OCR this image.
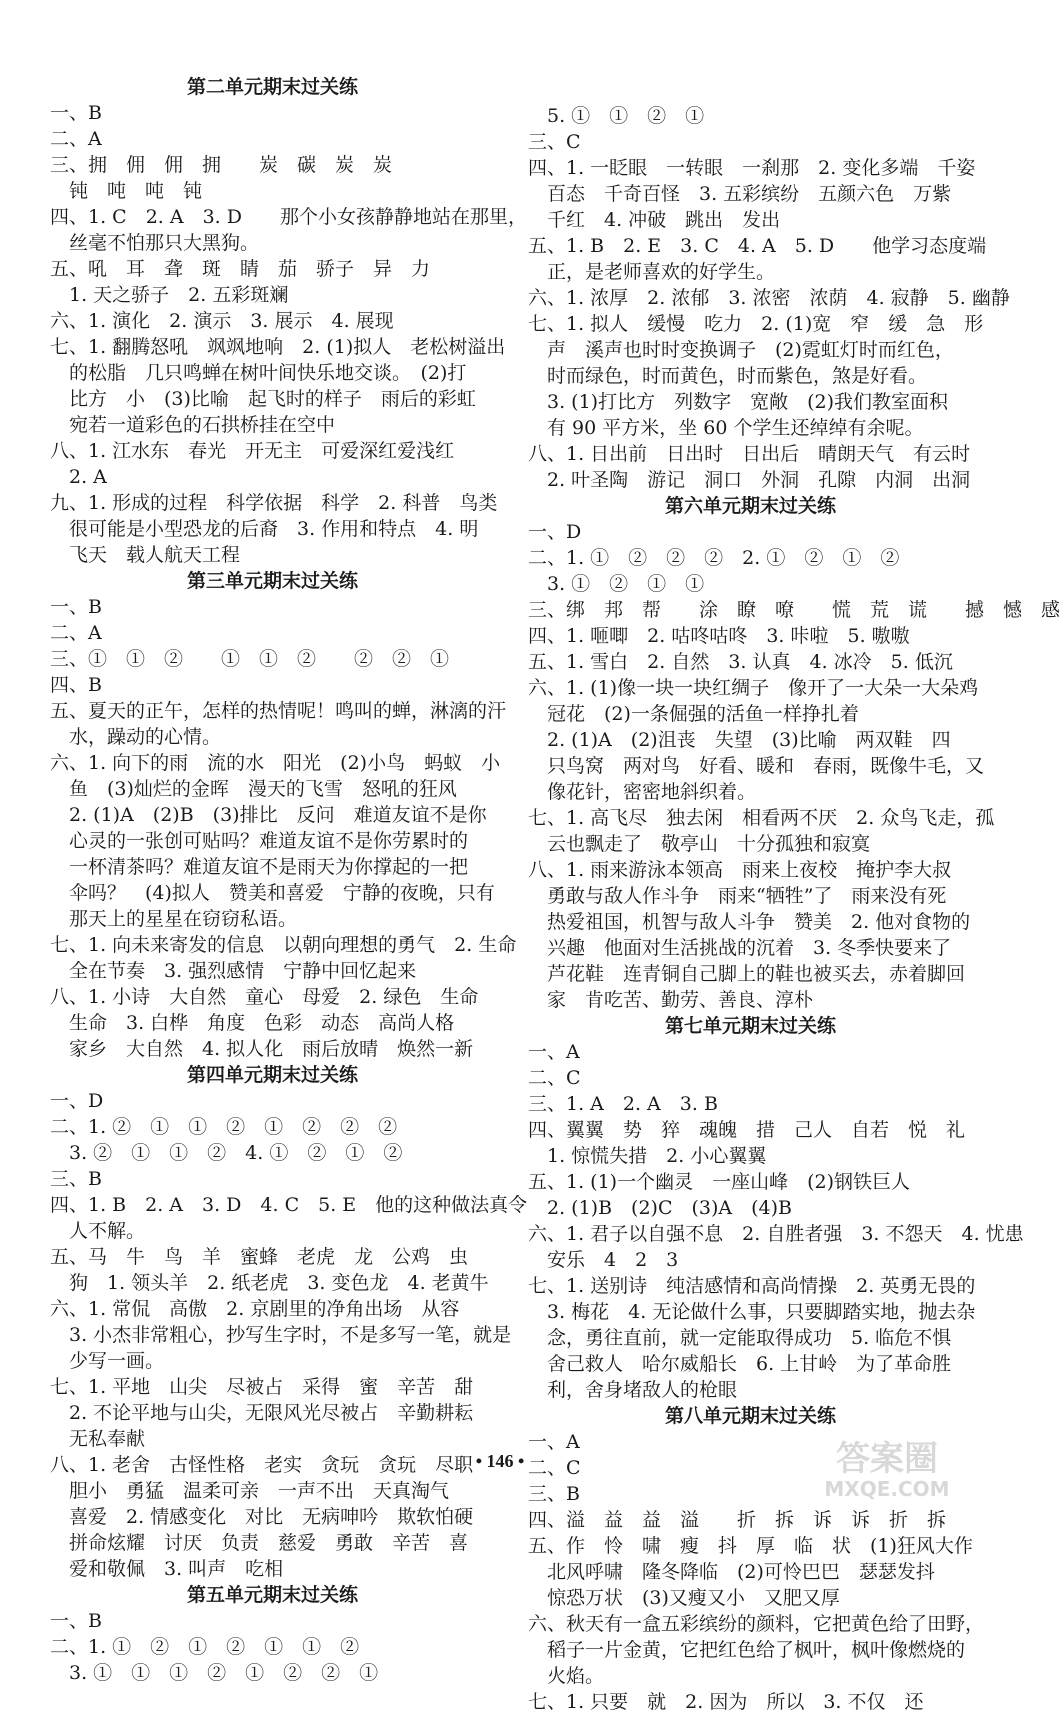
第二单元期末过关练
一、B
二、A
三、拥　佣　佣　拥　　炭　碳　炭　炭
　钝　吨　吨　钝
四、1. C　2. A　3. D　　那个小女孩静静地站在那里，
　丝毫不怕那只大黑狗。
五、吼　耳　聋　斑　睛　茄　骄子　异　力
　1. 天之骄子　2. 五彩斑斓
六、1. 演化　2. 演示　3. 展示　4. 展现
七、1. 翻腾怒吼　飒飒地响　2. (1)拟人　老松树溢出
　的松脂　几只鸣蝉在树叶间快乐地交谈。　(2)打
　比方　小　(3)比喻　起飞时的样子　雨后的彩虹
　宛若一道彩色的石拱桥挂在空中
八、1. 江水东　春光　开无主　可爱深红爱浅红
　2. A
九、1. 形成的过程　科学依据　科学　2. 科普　鸟类
　很可能是小型恐龙的后裔　3. 作用和特点　4. 明
　飞天　载人航天工程
第三单元期末过关练
一、B
二、A
三、①　①　②　　①　①　②　　②　②　①
四、B
五、夏天的正午，怎样的热情呢！鸣叫的蝉，淋漓的汗
　水，躁动的心情。
六、1. 向下的雨　流的水　阳光　(2)小鸟　蚂蚁　小
　鱼　(3)灿烂的金晖　漫天的飞雪　怒吼的狂风
　2. (1)A　(2)B　(3)排比　反问　难道友谊不是你
　心灵的一张创可贴吗？难道友谊不是你劳累时的
　一杯清茶吗？难道友谊不是雨天为你撑起的一把
　伞吗？　(4)拟人　赞美和喜爱　宁静的夜晚，只有
　那天上的星星在窃窃私语。
七、1. 向未来寄发的信息　以朝向理想的勇气　2. 生命
　全在节奏　3. 强烈感情　宁静中回忆起来
八、1. 小诗　大自然　童心　母爱　2. 绿色　生命
　生命　3. 白桦　角度　色彩　动态　高尚人格
　家乡　大自然　4. 拟人化　雨后放晴　焕然一新
第四单元期末过关练
一、D
二、1. ②　①　①　②　①　②　②　②
　3. ②　①　①　②　4. ①　②　①　②
三、B
四、1. B　2. A　3. D　4. C　5. E　他的这种做法真令
　人不解。
五、马　牛　鸟　羊　蜜蜂　老虎　龙　公鸡　虫
　狗　1. 领头羊　2. 纸老虎　3. 变色龙　4. 老黄牛
六、1. 常侃　高傲　2. 京剧里的净角出场　从容
　3. 小杰非常粗心，抄写生字时，不是多写一笔，就是
　少写一画。
七、1. 平地　山尖　尽被占　采得　蜜　辛苦　甜
　2. 不论平地与山尖，无限风光尽被占　辛勤耕耘
　无私奉献
八、1. 老舍　古怪性格　老实　贪玩　贪玩　尽职
　胆小　勇猛　温柔可亲　一声不出　天真淘气
　喜爱　2. 情感变化　对比　无病呻吟　欺软怕硬
　拼命炫耀　讨厌　负责　慈爱　勇敢　辛苦　喜
　爱和敬佩　3. 叫声　吃相
第五单元期末过关练
一、B
二、1. ①　②　①　②　①　①　②
　3. ①　①　①　②　①　②　②　①
　5. ①　①　②　①
三、C
四、1. 一眨眼　一转眼　一刹那　2. 变化多端　千姿
　百态　千奇百怪　3. 五彩缤纷　五颜六色　万紫
　千红　4. 冲破　跳出　发出
五、1. B　2. E　3. C　4. A　5. D　　他学习态度端
　正，是老师喜欢的好学生。
六、1. 浓厚　2. 浓郁　3. 浓密　浓荫　4. 寂静　5. 幽静
七、1. 拟人　缓慢　吃力　2. (1)宽　窄　缓　急　形
　声　溪声也时时变换调子　(2)霓虹灯时而红色，
　时而绿色，时而黄色，时而紫色，煞是好看。
　3. (1)打比方　列数字　宽敞　(2)我们教室面积
　有 90 平方米，坐 60 个学生还绰绰有余呢。
八、1. 日出前　日出时　日出后　晴朗天气　有云时
　2. 叶圣陶　游记　洞口　外洞　孔隙　内洞　出洞
第六单元期末过关练
一、D
二、1. ①　②　②　②　2. ①　②　①　②
　3. ①　②　①　①
三、绑　邦　帮　　涂　瞭　嘹　　慌　荒　谎　　撼　憾　感
四、1. 咂唧　2. 咕咚咕咚　3. 咔啦　5. 嗷嗷
五、1. 雪白　2. 自然　3. 认真　4. 冰冷　5. 低沉
六、1. (1)像一块一块红绸子　像开了一大朵一大朵鸡
　冠花　(2)一条倔强的活鱼一样挣扎着
　2. (1)A　(2)沮丧　失望　(3)比喻　两双鞋　四
　只鸟窝　两对鸟　好看、暖和　春雨，既像牛毛，又
　像花针，密密地斜织着。
七、1. 高飞尽　独去闲　相看两不厌　2. 众鸟飞走，孤
　云也飘走了　敬亭山　十分孤独和寂寞
八、1. 雨来游泳本领高　雨来上夜校　掩护李大叔
　勇敢与敌人作斗争　雨来“牺牲”了　雨来没有死
　热爱祖国，机智与敌人斗争　赞美　2. 他对食物的
　兴趣　他面对生活挑战的沉着　3. 冬季快要来了
　芦花鞋　连青铜自己脚上的鞋也被买去，赤着脚回
　家　肯吃苦、勤劳、善良、淳朴
第七单元期末过关练
一、A
二、C
三、1. A　2. A　3. B
四、翼翼　势　猝　魂魄　措　己人　自若　悦　礼
　1. 惊慌失措　2. 小心翼翼
五、1. (1)一个幽灵　一座山峰　(2)钢铁巨人
　2. (1)B　(2)C　(3)A　(4)B
六、1. 君子以自强不息　2. 自胜者强　3. 不怨天　4. 忧患
　安乐　4　2　3
七、1. 送别诗　纯洁感情和高尚情操　2. 英勇无畏的
　3. 梅花　4. 无论做什么事，只要脚踏实地，抛去杂
　念，勇往直前，就一定能取得成功　5. 临危不惧
　舍己救人　哈尔威船长　6. 上甘岭　为了革命胜
　利，舍身堵敌人的枪眼
第八单元期末过关练
一、A
二、C
三、B
四、溢　益　益　溢　　折　拆　诉　诉　折　拆
五、作　怜　啸　瘦　抖　厚　临　状　(1)狂风大作
　北风呼啸　隆冬降临　(2)可怜巴巴　瑟瑟发抖
　惊恐万状　(3)又瘦又小　又肥又厚
六、秋天有一盒五彩缤纷的颜料，它把黄色给了田野，
　稻子一片金黄，它把红色给了枫叶，枫叶像燃烧的
　火焰。
七、1. 只要　就　2. 因为　所以　3. 不仅　还
• 146 •	答案圈
MXQE.COM
